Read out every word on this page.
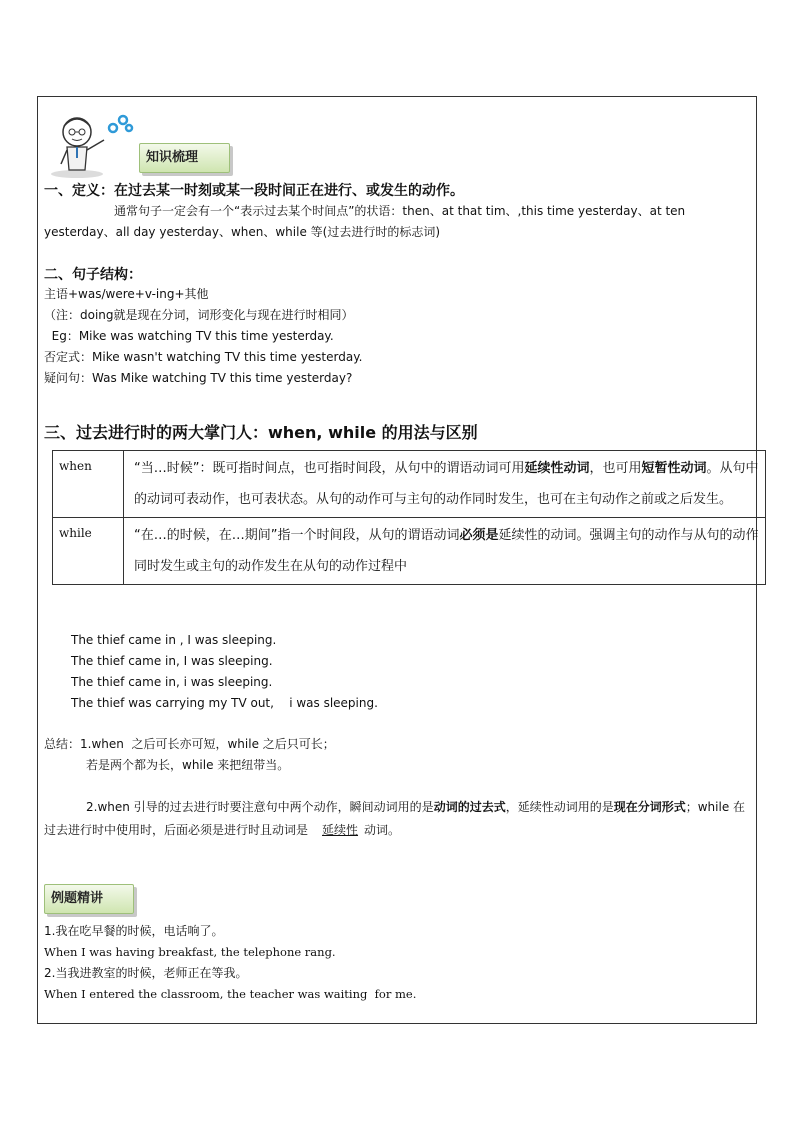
知识梳理
一、定义：在过去某一时刻或某一段时间正在进行、或发生的动作。
通常句子一定会有一个“表示过去某个时间点”的状语：then、at that tim、,this time yesterday、at ten yesterday、all day yesterday、when、while 等(过去进行时的标志词)
二、句子结构：
主语+was/were+v-ing+其他
（注：doing就是现在分词，词形变化与现在进行时相同）
Eg：Mike was watching TV this time yesterday.
否定式：Mike wasn't watching TV this time yesterday.
疑问句：Was Mike watching TV this time yesterday?
三、过去进行时的两大掌门人：when, while 的用法与区别
when	“当…时候”：既可指时间点，也可指时间段，从句中的谓语动词可用延续性动词，也可用短暂性动词。从句中的动词可表动作，也可表状态。从句的动作可与主句的动作同时发生，也可在主句动作之前或之后发生。
while	“在…的时候，在…期间”指一个时间段，从句的谓语动词必须是延续性的动词。强调主句的动作与从句的动作同时发生或主句的动作发生在从句的动作过程中
The thief came in , I was sleeping.
The thief came in, I was sleeping.
The thief came in, i was sleeping.
The thief was carrying my TV out,    i was sleeping.
总结：1.when  之后可长亦可短，while 之后只可长；
若是两个都为长，while 来把纽带当。
2.when 引导的过去进行时要注意句中两个动作，瞬间动词用的是动词的过去式，延续性动词用的是现在分词形式；while 在过去进行时中使用时，后面必须是进行时且动词是 延续性 动词。
例题精讲
1.我在吃早餐的时候，电话响了。
When I was having breakfast, the telephone rang.
2.当我进教室的时候，老师正在等我。
When I entered the classroom, the teacher was waiting  for me.
